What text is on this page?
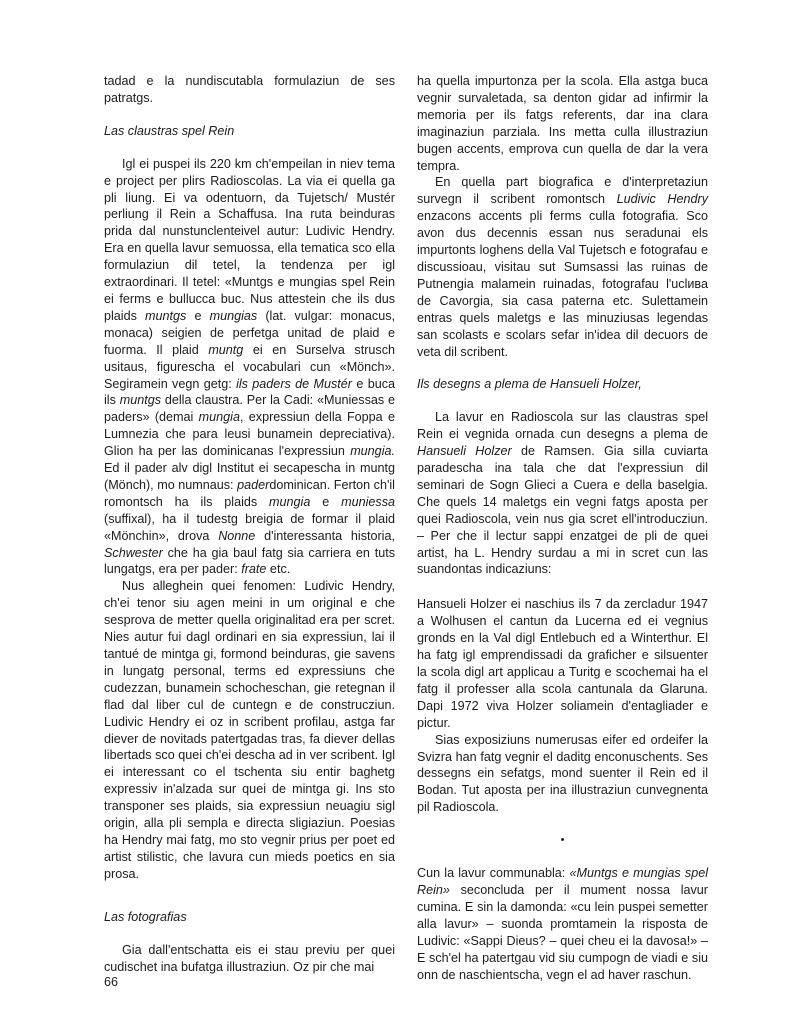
tadad e la nundiscutabla formulaziun de ses patratgs.

Las claustras spel Rein

Igl ei puspei ils 220 km ch'empeilan in niev tema e project per plirs Radioscolas. La via ei quella ga pli liung. Ei va odentuorn, da Tujetsch/ Mustér perliung il Rein a Schaffusa. Ina ruta beinduras prida dal nunstunclenteivel autur: Ludivic Hendry. Era en quella lavur semuossa, ella tematica sco ella formulaziun dil tetel, la tendenza per igl extraordinari. Il tetel: «Muntgs e mungias spel Rein ei ferms e bullucca buc. Nus attestein che ils dus plaids muntgs e mungias (lat. vulgar: monacus, monaca) seigien de perfetga unitad de plaid e fuorma. Il plaid muntg ei en Surselva strusch usitaus, figurescha el vocabulari cun «Mönch». Segiramein vegn getg: ils paders de Mustér e buca ils muntgs della claustra. Per la Cadi: «Muniessas e paders» (demai mungia, expressiun della Foppa e Lumnezia che para leusi bunamein depreciativa). Glion ha per las dominicanas l'expressiun mungia. Ed il pader alv digl Institut ei secapescha in muntg (Mönch), mo numnaus: paderdominican. Ferton ch'il romontsch ha ils plaids mungia e muniessa (suffixal), ha il tudestg breigia de formar il plaid «Mönchin», drova Nonne d'interessanta historia, Schwester che ha gia baul fatg sia carriera en tuts lungatgs, era per pader: frate etc.

Nus alleghein quei fenomen: Ludivic Hendry, ch'ei tenor siu agen meini in um original e che sesprova de metter quella originalitad era per scret. Nies autur fui dagl ordinari en sia expressiun, lai il tantué de mintga gi, formond beinduras, gie savens in lungatg personal, terms ed expressiuns che cudezzan, bunamein schocheschan, gie retegnan il flad dal liber cul de cuntegn e de construcziun. Ludivic Hendry ei oz in scribent profilau, astga far diever de novitads patertgadas tras, fa diever dellas libertads sco quei ch'ei descha ad in ver scribent. Igl ei interessant co el tschenta siu entir baghetg expressiv in'alzada sur quei de mintga gi. Ins sto transponer ses plaids, sia expressiun neuagiu sigl origin, alla pli sempla e directa sligiaziun. Poesias ha Hendry mai fatg, mo sto vegnir prius per poet ed artist stilistic, che lavura cun mieds poetics en sia prosa.

Las fotografias

Gia dall'entschatta eis ei stau previu per quei cudischet ina bufatga illustraziun. Oz pir che mai

ha quella impurtonza per la scola. Ella astga buca vegnir survaletada, sa denton gidar ad infirmir la memoria per ils fatgs referents, dar ina clara imaginaziun parziala. Ins metta culla illustraziun bugen accents, emprova cun quella de dar la vera tempra.

En quella part biografica e d'interpretaziun survegn il scribent romontsch Ludivic Hendry enzacons accents pli ferms culla fotografia. Sco avon dus decennis essan nus seradunai els impurtonts loghens della Val Tujetsch e fotografau e discussioau, visitau sut Sumsassi las ruinas de Putnengia malamein ruinadas, fotografau l'uclива de Cavorgia, sia casa paterna etc. Sulettamein entras quels maletgs e las minuziusas legendas san scolasts e scolars sefar in'idea dil decuors de veta dil scribent.

Ils desegns a plema de Hansueli Holzer,

La lavur en Radioscola sur las claustras spel Rein ei vegnida ornada cun desegns a plema de Hansueli Holzer de Ramsen. Gia silla cuviarta paradescha ina tala che dat l'expressiun dil seminari de Sogn Gliеci a Cuera e della baselgia. Che quels 14 maletgs ein vegni fatgs aposta per quei Radioscola, vein nus gia scret ell'introducziun. – Per che il lectur sappi enzatgei de pli de quei artist, ha L. Hendry surdau a mi in scret cun las suandontas indicaziuns:

Hansueli Holzer ei naschius ils 7 da zercladur 1947 a Wolhusen el cantun da Lucerna ed ei vegnius gronds en la Val digl Entlebuch ed a Winterthur. El ha fatg igl emprendissadi da graficher e silsuenter la scola digl art applicau a Turitg e scochemai ha el fatg il professer alla scola cantunala da Glaruna. Dapi 1972 viva Holzer soliamein d'entagliader e pictur.

Sias exposiziuns numerusas eifer ed ordeifer la Svizra han fatg vegnir el daditg enconuschents. Ses dessegns ein sefatgs, mond suenter il Rein ed il Bodan. Tut aposta per ina illustraziun cunvegnenta pil Radioscola.

•

Cun la lavur communabla: «Muntgs e mungias spel Rein» seconcluda per il mument nossa lavur cumina. E sin la damonda: «cu lein puspei semetter alla lavur» – suonda promtamein la risposta de Ludivic: «Sappi Dieus? – quei cheu ei la davosa!» – E sch'el ha patertgau vid siu cumpogn de viadi e siu onn de naschientscha, vegn el ad haver raschun.

66
